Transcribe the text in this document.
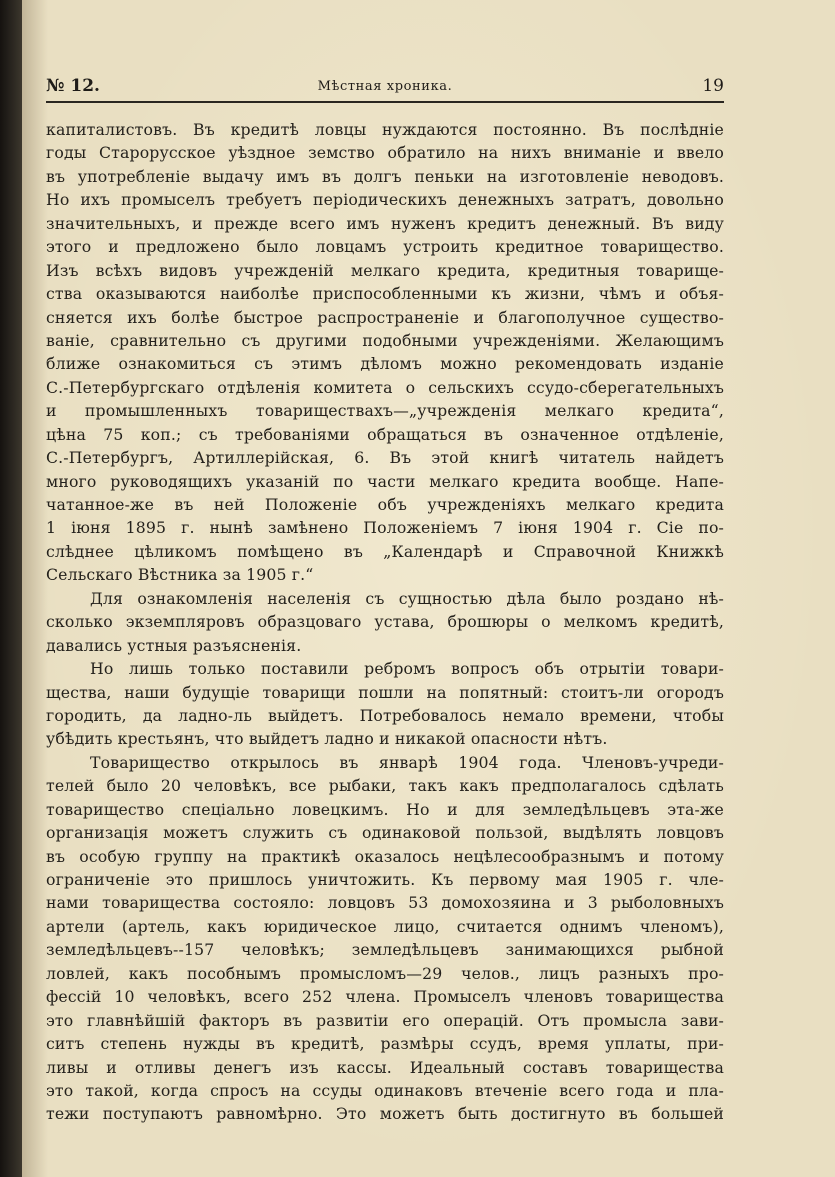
№ 12.	Мѣстная хроника.	19
капиталистовъ. Въ кредитѣ ловцы нуждаются постоянно. Въ послѣдніе
годы Старорусское уѣздное земство обратило на нихъ вниманіе и ввело
въ употребленіе выдачу имъ въ долгъ пеньки на изготовленіе неводовъ.
Но ихъ промыселъ требуетъ періодическихъ денежныхъ затратъ, довольно
значительныхъ, и прежде всего имъ нуженъ кредитъ денежный. Въ виду
этого и предложено было ловцамъ устроить кредитное товарищество.
Изъ всѣхъ видовъ учрежденій мелкаго кредита, кредитныя товарище-
ства оказываются наиболѣе приспособленными къ жизни, чѣмъ и объя-
сняется ихъ болѣе быстрое распространеніе и благополучное существо-
ваніе, сравнительно съ другими подобными учрежденіями. Желающимъ
ближе ознакомиться съ этимъ дѣломъ можно рекомендовать изданіе
С.-Петербургскаго отдѣленія комитета о сельскихъ ссудо-сберегательныхъ
и промышленныхъ товариществахъ—„учрежденія мелкаго кредита“,
цѣна 75 коп.; съ требованіями обращаться въ означенное отдѣленіе,
С.-Петербургъ, Артиллерійская, 6. Въ этой книгѣ читатель найдетъ
много руководящихъ указаній по части мелкаго кредита вообще. Напе-
чатанное-же въ ней Положеніе объ учрежденіяхъ мелкаго кредита
1 іюня 1895 г. нынѣ замѣнено Положеніемъ 7 іюня 1904 г. Сіе по-
слѣднее цѣликомъ помѣщено въ „Календарѣ и Справочной Книжкѣ
Сельскаго Вѣстника за 1905 г.“
Для ознакомленія населенія съ сущностью дѣла было роздано нѣ-
сколько экземпляровъ образцоваго устава, брошюры о мелкомъ кредитѣ,
давались устныя разъясненія.
Но лишь только поставили ребромъ вопросъ объ отрытіи товари-
щества, наши будущіе товарищи пошли на попятный: стоитъ-ли огородъ
городить, да ладно-ль выйдетъ. Потребовалось немало времени, чтобы
убѣдить крестьянъ, что выйдетъ ладно и никакой опасности нѣтъ.
Товарищество открылось въ январѣ 1904 года. Членовъ-учреди-
телей было 20 человѣкъ, все рыбаки, такъ какъ предполагалось сдѣлать
товарищество спеціально ловецкимъ. Но и для земледѣльцевъ эта-же
организація можетъ служить съ одинаковой пользой, выдѣлять ловцовъ
въ особую группу на практикѣ оказалось нецѣлесообразнымъ и потому
ограниченіе это пришлось уничтожить. Къ первому мая 1905 г. чле-
нами товарищества состояло: ловцовъ 53 домохозяина и 3 рыболовныхъ
артели (артель, какъ юридическое лицо, считается однимъ членомъ),
земледѣльцевъ--157 человѣкъ; земледѣльцевъ занимающихся рыбной
ловлей, какъ пособнымъ промысломъ—29 челов., лицъ разныхъ про-
фессій 10 человѣкъ, всего 252 члена. Промыселъ членовъ товарищества
это главнѣйшій факторъ въ развитіи его операцій. Отъ промысла зави-
ситъ степень нужды въ кредитѣ, размѣры ссудъ, время уплаты, при-
ливы и отливы денегъ изъ кассы. Идеальный составъ товарищества
это такой, когда спросъ на ссуды одинаковъ втеченіе всего года и пла-
тежи поступаютъ равномѣрно. Это можетъ быть достигнуто въ большей
